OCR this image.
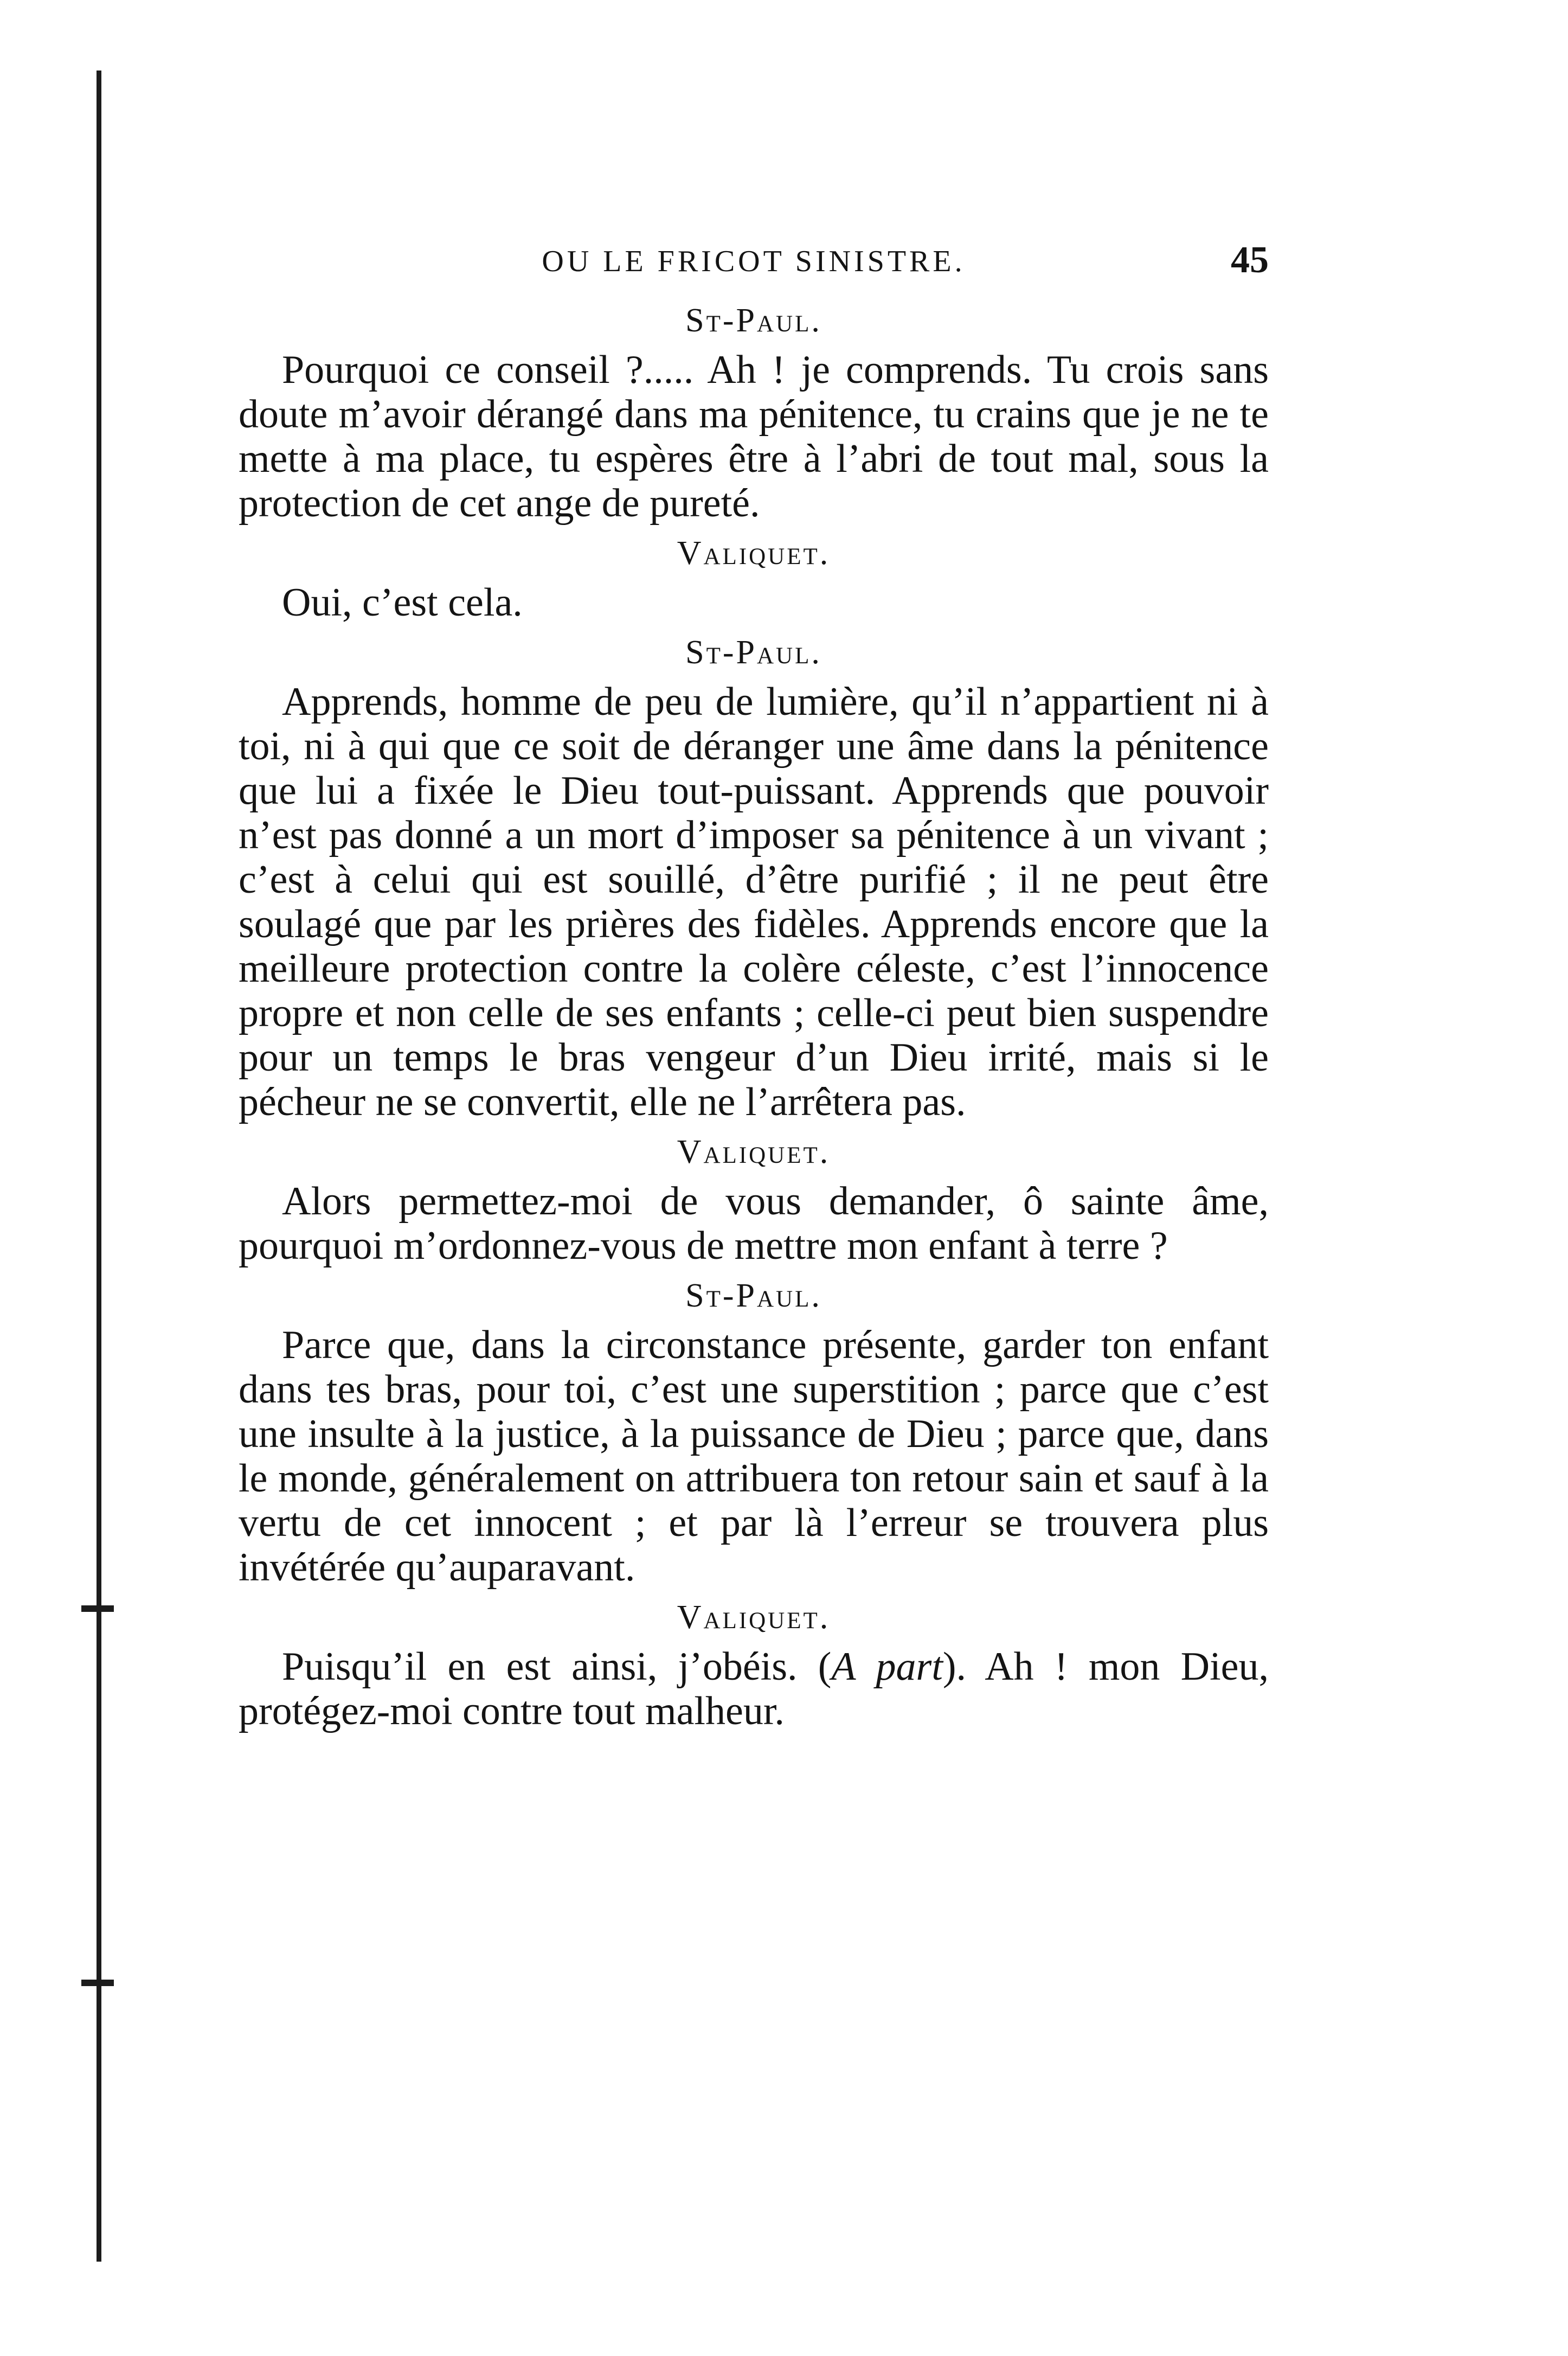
OU LE FRICOT SINISTRE.	45
St-Paul.

Pourquoi ce conseil ?..... Ah ! je comprends. Tu crois sans doute m’avoir dérangé dans ma pénitence, tu crains que je ne te mette à ma place, tu espères être à l’abri de tout mal, sous la protection de cet ange de pureté.

Valiquet.

Oui, c’est cela.

St-Paul.

Apprends, homme de peu de lumière, qu’il n’appartient ni à toi, ni à qui que ce soit de déranger une âme dans la pénitence que lui a fixée le Dieu tout-puissant. Apprends que pouvoir n’est pas donné a un mort d’imposer sa pénitence à un vivant ; c’est à celui qui est souillé, d’être purifié ; il ne peut être soulagé que par les prières des fidèles. Apprends encore que la meilleure protection contre la colère céleste, c’est l’innocence propre et non celle de ses enfants ; celle-ci peut bien suspendre pour un temps le bras vengeur d’un Dieu irrité, mais si le pécheur ne se convertit, elle ne l’arrêtera pas.

Valiquet.

Alors permettez-moi de vous demander, ô sainte âme, pourquoi m’ordonnez-vous de mettre mon enfant à terre ?

St-Paul.

Parce que, dans la circonstance présente, garder ton enfant dans tes bras, pour toi, c’est une superstition ; parce que c’est une insulte à la justice, à la puissance de Dieu ; parce que, dans le monde, généralement on attribuera ton retour sain et sauf à la vertu de cet innocent ; et par là l’erreur se trouvera plus invétérée qu’auparavant.

Valiquet.

Puisqu’il en est ainsi, j’obéis. (A part). Ah ! mon Dieu, protégez-moi contre tout malheur.
